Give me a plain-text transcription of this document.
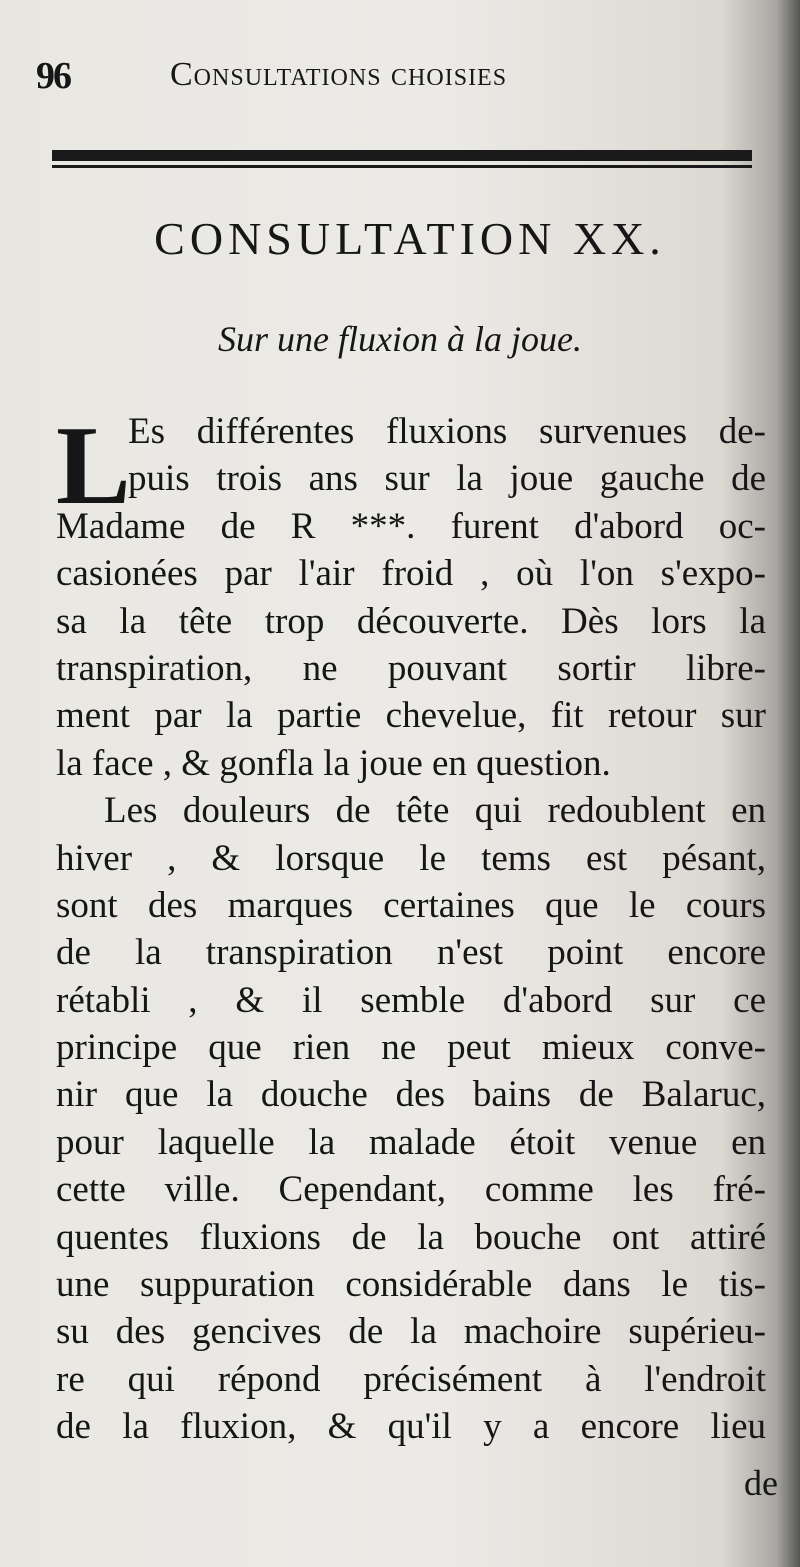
96	Consultations choisies
CONSULTATION XX.
Sur une fluxion à la joue.
L
Es différentes fluxions survenues de-
puis trois ans sur la joue gauche de
Madame de R ***. furent d'abord oc-
casionées par l'air froid , où l'on s'expo-
sa la tête trop découverte. Dès lors la
transpiration, ne pouvant sortir libre-
ment par la partie chevelue, fit retour sur
la face , & gonfla la joue en question.
Les douleurs de tête qui redoublent en
hiver , & lorsque le tems est pésant,
sont des marques certaines que le cours
de la transpiration n'est point encore
rétabli , & il semble d'abord sur ce
principe que rien ne peut mieux conve-
nir que la douche des bains de Balaruc,
pour laquelle la malade étoit venue en
cette ville. Cependant, comme les fré-
quentes fluxions de la bouche ont attiré
une suppuration considérable dans le tis-
su des gencives de la machoire supérieu-
re qui répond précisément à l'endroit
de la fluxion, & qu'il y a encore lieu
de
